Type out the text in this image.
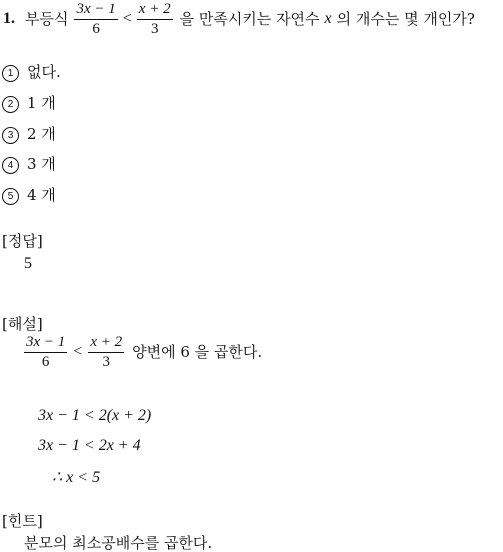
1. 부등식 $\frac{3x - 1}{6} < \frac{x + 2}{3}$ 을 만족시키는 자연수 x 의 개수는 몇 개인가?
1 없다.
2 1 개
3 2 개
4 3 개
5 4 개
[정답]
5
[해설]
$\frac{3x - 1}{6} < \frac{x + 2}{3}$ 양변에 6 을 곱한다.
3x − 1 < 2(x + 2)
3x − 1 < 2x + 4
∴ x < 5
[힌트]
분모의 최소공배수를 곱한다.
